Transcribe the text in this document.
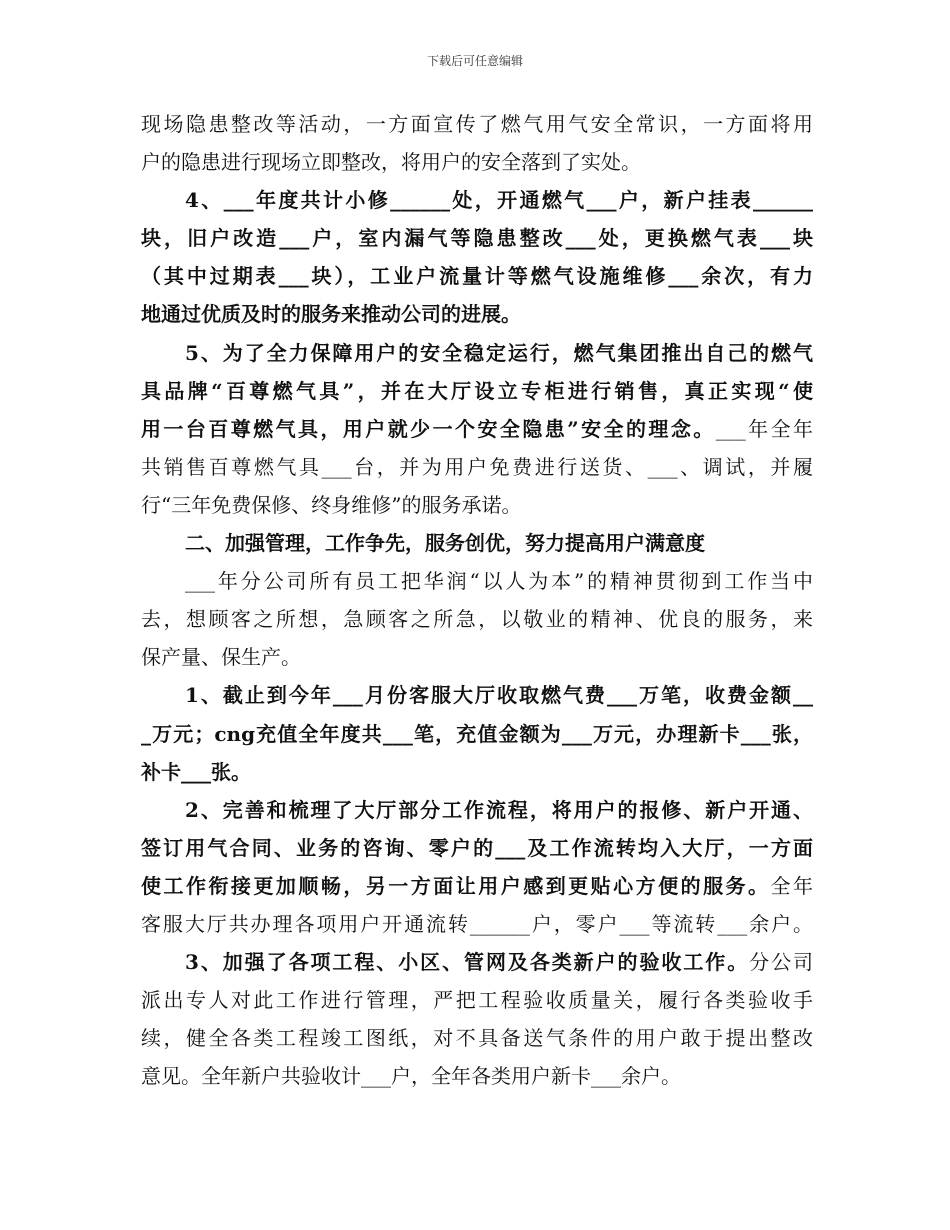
下载后可任意编辑
现场隐患整改等活动，一方面宣传了燃气用气安全常识，一方面将用
户的隐患进行现场立即整改，将用户的安全落到了实处。
4、___年度共计小修______处，开通燃气___户，新户挂表______
块，旧户改造___户，室内漏气等隐患整改___处，更换燃气表___块
（其中过期表___块），工业户流量计等燃气设施维修___余次，有力
地通过优质及时的服务来推动公司的进展。
5、为了全力保障用户的安全稳定运行，燃气集团推出自己的燃气
具品牌“百尊燃气具”，并在大厅设立专柜进行销售，真正实现“使
用一台百尊燃气具，用户就少一个安全隐患”安全的理念。___年全年
共销售百尊燃气具___台，并为用户免费进行送货、___、调试，并履
行“三年免费保修、终身维修”的服务承诺。
二、加强管理，工作争先，服务创优，努力提高用户满意度
___年分公司所有员工把华润“以人为本”的精神贯彻到工作当中
去，想顾客之所想，急顾客之所急，以敬业的精神、优良的服务，来
保产量、保生产。
1、截止到今年___月份客服大厅收取燃气费___万笔，收费金额__
_万元；cng充值全年度共___笔，充值金额为___万元，办理新卡___张，
补卡___张。
2、完善和梳理了大厅部分工作流程，将用户的报修、新户开通、
签订用气合同、业务的咨询、零户的___及工作流转均入大厅，一方面
使工作衔接更加顺畅，另一方面让用户感到更贴心方便的服务。全年
客服大厅共办理各项用户开通流转______户，零户___等流转___余户。
3、加强了各项工程、小区、管网及各类新户的验收工作。分公司
派出专人对此工作进行管理，严把工程验收质量关，履行各类验收手
续，健全各类工程竣工图纸，对不具备送气条件的用户敢于提出整改
意见。全年新户共验收计___户，全年各类用户新卡___余户。
